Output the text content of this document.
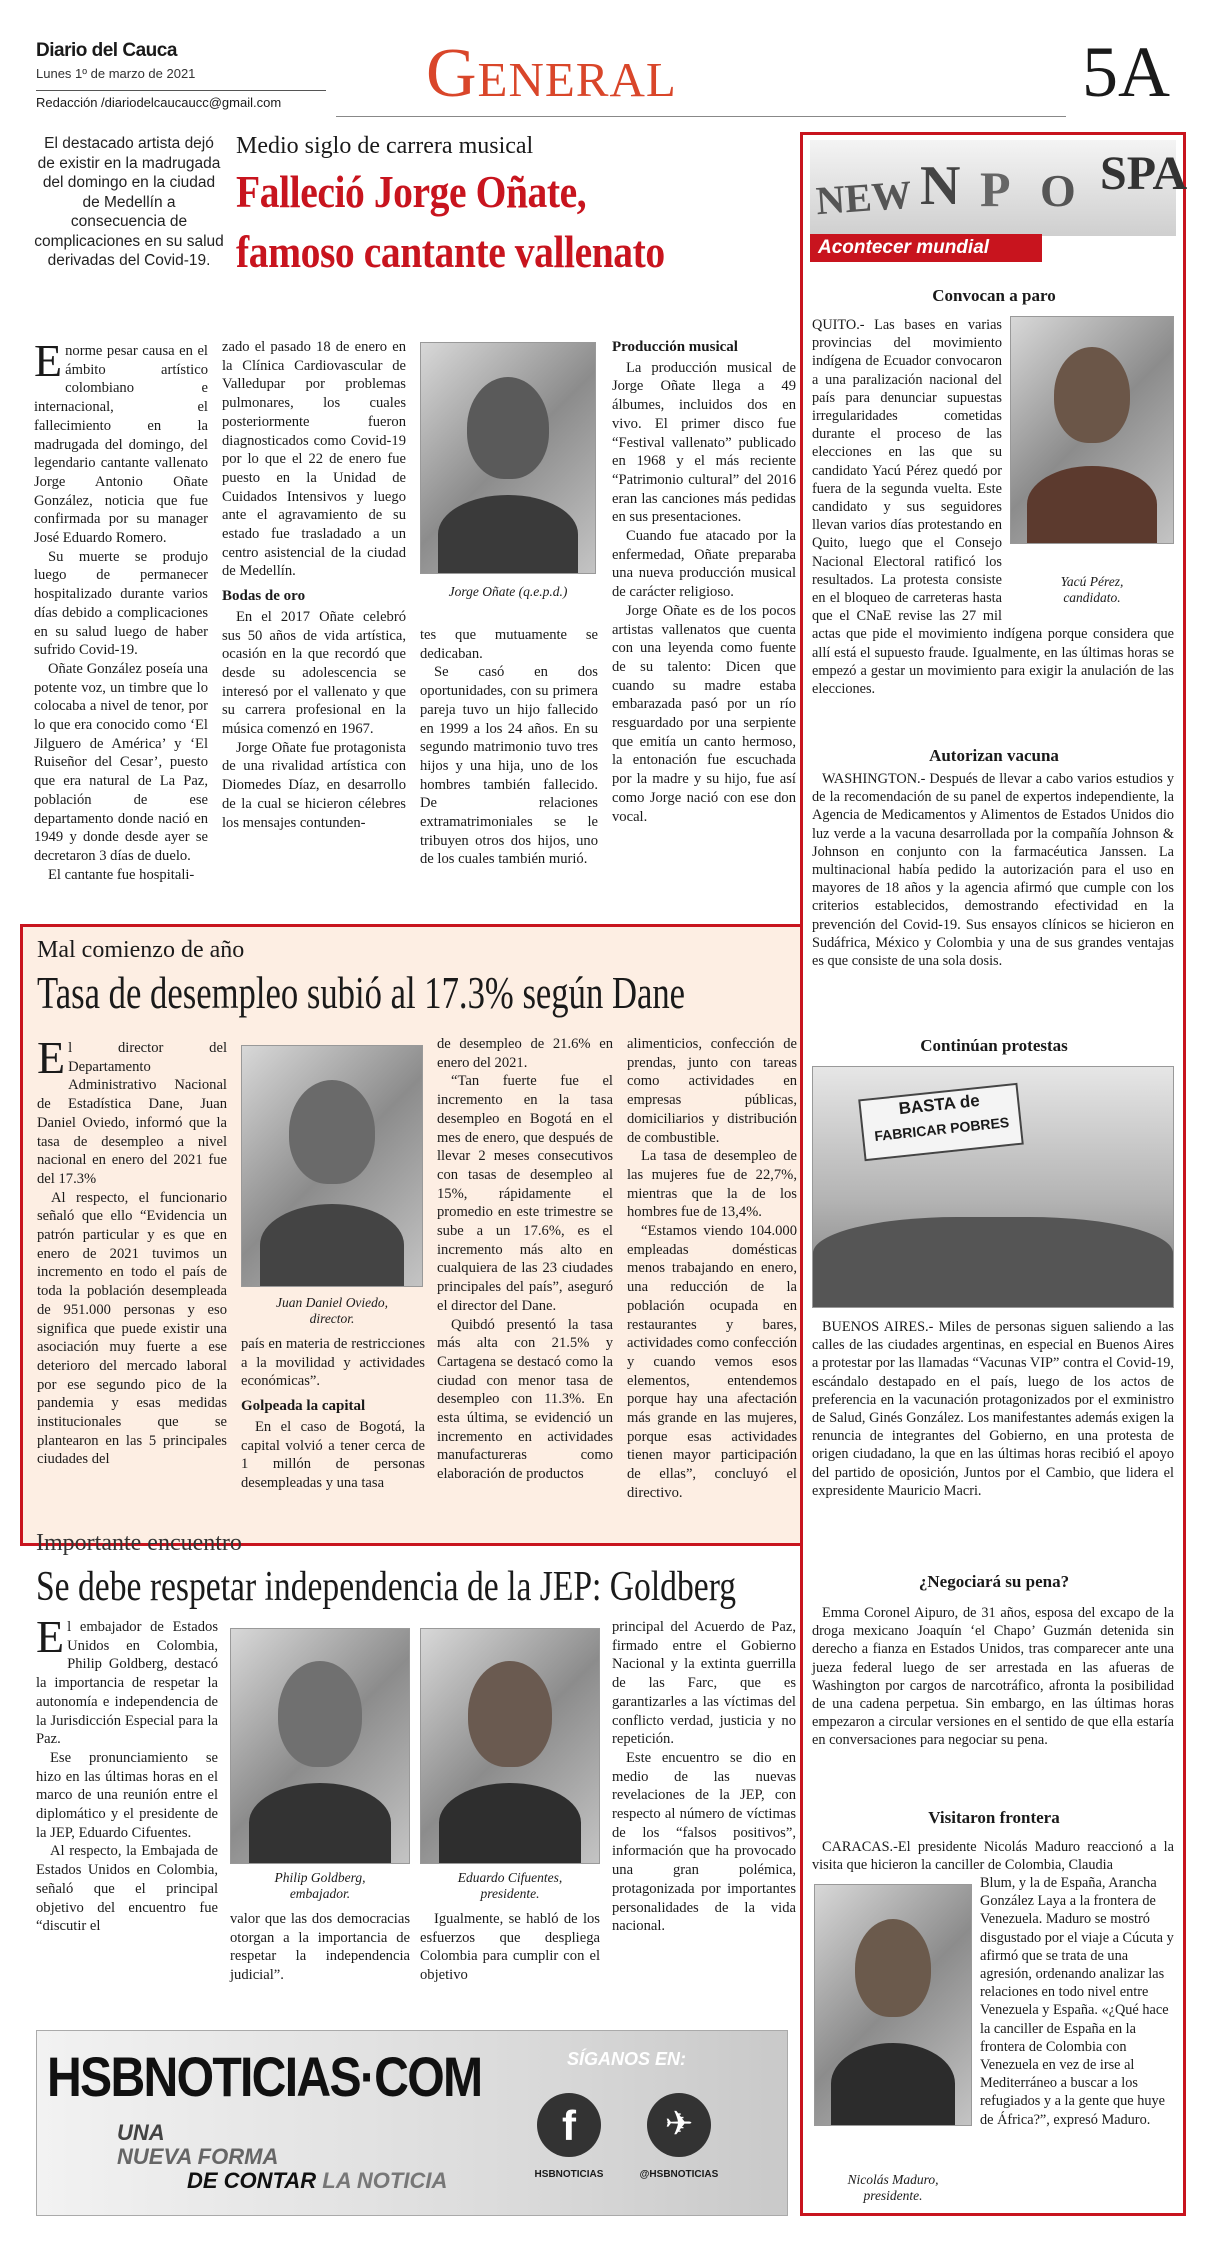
Diario del Cauca
Lunes 1º de marzo de 2021
Redacción /diariodelcaucaucc@gmail.com	General	5A
El destacado artista dejó de existir en la madrugada del domingo en la ciudad de Medellín a consecuencia de complicaciones en su salud derivadas del Covid-19.
Medio siglo de carrera musical
Falleció Jorge Oñate,
famoso cantante vallenato

Enorme pesar causa en el ámbito artístico colombiano e internacional, el fallecimiento en la madrugada del domingo, del legendario cantante vallenato Jorge Antonio Oñate González, noticia que fue confirmada por su manager José Eduardo Romero.

Su muerte se produjo luego de permanecer hospitalizado durante varios días debido a complicaciones en su salud luego de haber sufrido Covid-19.

Oñate González poseía una potente voz, un timbre que lo colocaba a nivel de tenor, por lo que era conocido como ‘El Jilguero de América’ y ‘El Ruiseñor del Cesar’, puesto que era natural de La Paz, población de ese departamento donde nació en 1949 y donde desde ayer se decretaron 3 días de duelo.

El cantante fue hospitali-

zado el pasado 18 de enero en la Clínica Cardiovascular de Valledupar por problemas pulmonares, los cuales posteriormente fueron diagnosticados como Covid-19 por lo que el 22 de enero fue puesto en la Unidad de Cuidados Intensivos y luego ante el agravamiento de su estado fue trasladado a un centro asistencial de la ciudad de Medellín.

Bodas de oro

En el 2017 Oñate celebró sus 50 años de vida artística, ocasión en la que recordó que desde su adolescencia se interesó por el vallenato y que su carrera profesional en la música comenzó en 1967.

Jorge Oñate fue protagonista de una rivalidad artística con Diomedes Díaz, en desarrollo de la cual se hicieron célebres los mensajes contunden-

Jorge Oñate (q.e.p.d.)

tes que mutuamente se dedicaban.

Se casó en dos oportunidades, con su primera pareja tuvo un hijo fallecido en 1999 a los 24 años. En su segundo matrimonio tuvo tres hijos y una hija, uno de los hombres también fallecido. De relaciones extramatrimoniales se le tribuyen otros dos hijos, uno de los cuales también murió.

Producción musical

La producción musical de Jorge Oñate llega a 49 álbumes, incluidos dos en vivo. El primer disco fue “Festival vallenato” publicado en 1968 y el más reciente “Patrimonio cultural” del 2016 eran las canciones más pedidas en sus presentaciones.

Cuando fue atacado por la enfermedad, Oñate preparaba una nueva producción musical de carácter religioso.

Jorge Oñate es de los pocos artistas vallenatos que cuenta con una leyenda como fuente de su talento: Dicen que cuando su madre estaba embarazada pasó por un río resguardado por una serpiente que emitía un canto hermoso, la entonación fue escuchada por la madre y su hijo, fue así como Jorge nació con ese don vocal.

Mal comienzo de año
Tasa de desempleo subió al 17.3% según Dane

El director del Departamento Administrativo Nacional de Estadística Dane, Juan Daniel Oviedo, informó que la tasa de desempleo a nivel nacional en enero del 2021 fue del 17.3%

Al respecto, el funcionario señaló que ello “Evidencia un patrón particular y es que en enero de 2021 tuvimos un incremento en todo el país de toda la población desempleada de 951.000 personas y eso significa que puede existir una asociación muy fuerte a ese deterioro del mercado laboral por ese segundo pico de la pandemia y esas medidas institucionales que se plantearon en las 5 principales ciudades del

Juan Daniel Oviedo,
director.

país en materia de restricciones a la movilidad y actividades económicas”.

Golpeada la capital

En el caso de Bogotá, la capital volvió a tener cerca de 1 millón de personas desempleadas y una tasa

de desempleo de 21.6% en enero del 2021.

“Tan fuerte fue el incremento en la tasa desempleo en Bogotá en el mes de enero, que después de llevar 2 meses consecutivos con tasas de desempleo al 15%, rápidamente el promedio en este trimestre se sube a un 17.6%, es el incremento más alto en cualquiera de las 23 ciudades principales del país”, aseguró el director del Dane.

Quibdó presentó la tasa más alta con 21.5% y Cartagena se destacó como la ciudad con menor tasa de desempleo con 11.3%. En esta última, se evidenció un incremento en actividades manufactureras como elaboración de productos

alimenticios, confección de prendas, junto con tareas como actividades en empresas públicas, domiciliarios y distribución de combustible.

La tasa de desempleo de las mujeres fue de 22,7%, mientras que la de los hombres fue de 13,4%.

“Estamos viendo 104.000 empleadas domésticas menos trabajando en enero, una reducción de la población ocupada en restaurantes y bares, actividades como confección y cuando vemos esos elementos, entendemos porque hay una afectación más grande en las mujeres, porque esas actividades tienen mayor participación de ellas”, concluyó el directivo.

Importante encuentro
Se debe respetar independencia de la JEP: Goldberg

El embajador de Estados Unidos en Colombia, Philip Goldberg, destacó la importancia de respetar la autonomía e independencia de la Jurisdicción Especial para la Paz.

Ese pronunciamiento se hizo en las últimas horas en el marco de una reunión entre el diplomático y el presidente de la JEP, Eduardo Cifuentes.

Al respecto, la Embajada de Estados Unidos en Colombia, señaló que el principal objetivo del encuentro fue “discutir el

Philip Goldberg,
embajador.
Eduardo Cifuentes,
presidente.

valor que las dos democracias otorgan a la importancia de respetar la independencia judicial”.

Igualmente, se habló de los esfuerzos que despliega Colombia para cumplir con el objetivo

principal del Acuerdo de Paz, firmado entre el Gobierno Nacional y la extinta guerrilla de las Farc, que es garantizarles a las víctimas del conflicto verdad, justicia y no repetición.

Este encuentro se dio en medio de las nuevas revelaciones de la JEP, con respecto al número de víctimas de los “falsos positivos”, información que ha provocado una gran polémica, protagonizada por importantes personalidades de la vida nacional.

HSBNOTICIAS·COM
UNA
NUEVA FORMA
DE CONTAR LA NOTICIA
SÍGANOS EN:
f	✈
HSBNOTICIAS	@HSBNOTICIAS
NEW N P O SPA
Acontecer mundial
Convocan a paro
Yacú Pérez,
candidato.
QUITO.- Las bases en varias provincias del movimiento indígena de Ecuador convocaron a una paralización nacional del país para denunciar supuestas irregularidades cometidas durante el proceso de las elecciones en las que su candidato Yacú Pérez quedó por fuera de la segunda vuelta. Este candidato y sus seguidores llevan varios días protestando en Quito, luego que el Consejo Nacional Electoral ratificó los resultados. La protesta consiste en el bloqueo de carreteras hasta que el CNaE revise las 27 mil actas que pide el movimiento indígena porque considera que allí está el supuesto fraude. Igualmente, en las últimas horas se empezó a gestar un movimiento para exigir la anulación de las elecciones.
Autorizan vacuna
WASHINGTON.- Después de llevar a cabo varios estudios y de la recomendación de su panel de expertos independiente, la Agencia de Medicamentos y Alimentos de Estados Unidos dio luz verde a la vacuna desarrollada por la compañía Johnson & Johnson en conjunto con la farmacéutica Janssen. La multinacional había pedido la autorización para el uso en mayores de 18 años y la agencia afirmó que cumple con los criterios establecidos, demostrando efectividad en la prevención del Covid-19. Sus ensayos clínicos se hicieron en Sudáfrica, México y Colombia y una de sus grandes ventajas es que consiste de una sola dosis.
Continúan protestas
BASTA de
FABRICAR POBRES
BUENOS AIRES.- Miles de personas siguen saliendo a las calles de las ciudades argentinas, en especial en Buenos Aires a protestar por las llamadas “Vacunas VIP” contra el Covid-19, escándalo destapado en el país, luego de los actos de preferencia en la vacunación protagonizados por el exministro de Salud, Ginés González. Los manifestantes además exigen la renuncia de integrantes del Gobierno, en una protesta de origen ciudadano, la que en las últimas horas recibió el apoyo del partido de oposición, Juntos por el Cambio, que lidera el expresidente Mauricio Macri.
¿Negociará su pena?
Emma Coronel Aipuro, de 31 años, esposa del excapo de la droga mexicano Joaquín ‘el Chapo’ Guzmán detenida sin derecho a fianza en Estados Unidos, tras comparecer ante una jueza federal luego de ser arrestada en las afueras de Washington por cargos de narcotráfico, afronta la posibilidad de una cadena perpetua. Sin embargo, en las últimas horas empezaron a circular versiones en el sentido de que ella estaría en conversaciones para negociar su pena.
Visitaron frontera
CARACAS.-El presidente Nicolás Maduro reaccionó a la visita que hicieron la canciller de Colombia, Claudia
Nicolás Maduro,
presidente.
Blum, y la de España, Arancha González Laya a la frontera de Venezuela. Maduro se mostró disgustado por el viaje a Cúcuta y afirmó que se trata de una agresión, ordenando analizar las relaciones en todo nivel entre Venezuela y España. «¿Qué hace la canciller de España en la frontera de Colombia con Venezuela en vez de irse al Mediterráneo a buscar a los refugiados y a la gente que huye de África?”, expresó Maduro.
